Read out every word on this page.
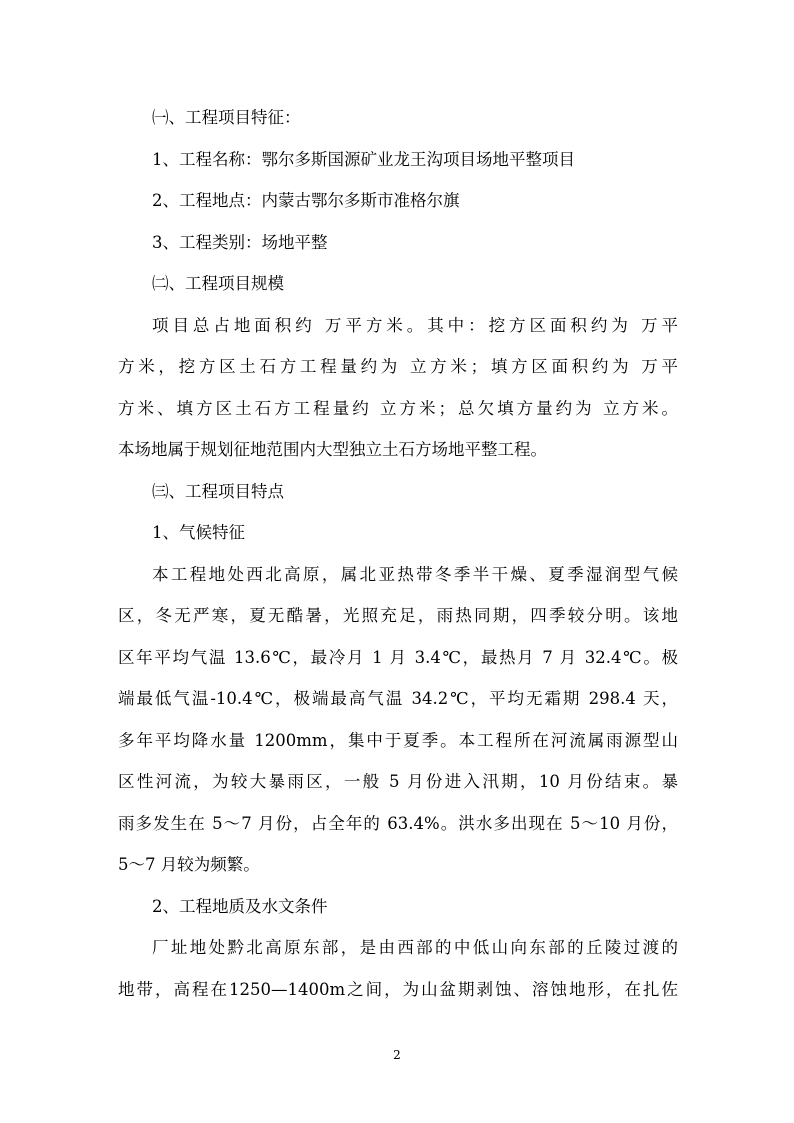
㈠、工程项目特征：
1、工程名称：鄂尔多斯国源矿业龙王沟项目场地平整项目
2、工程地点：内蒙古鄂尔多斯市准格尔旗
3、工程类别：场地平整
㈡、工程项目规模
项目总占地面积约 万平方米。其中：挖方区面积约为 万平
方米，挖方区土石方工程量约为 立方米；填方区面积约为 万平
方米、填方区土石方工程量约 立方米；总欠填方量约为 立方米。
本场地属于规划征地范围内大型独立土石方场地平整工程。
㈢、工程项目特点
1、气候特征
本工程地处西北高原，属北亚热带冬季半干燥、夏季湿润型气候
区，冬无严寒，夏无酷暑，光照充足，雨热同期，四季较分明。该地
区年平均气温 13.6℃，最冷月 1 月 3.4℃，最热月 7 月 32.4℃。极
端最低气温-10.4℃，极端最高气温 34.2℃，平均无霜期 298.4 天，
多年平均降水量 1200mm，集中于夏季。本工程所在河流属雨源型山
区性河流，为较大暴雨区，一般 5 月份进入汛期，10 月份结束。暴
雨多发生在 5～7 月份，占全年的 63.4%。洪水多出现在 5～10 月份，
5～7 月较为频繁。
2、工程地质及水文条件
厂址地处黔北高原东部，是由西部的中低山向东部的丘陵过渡的
地带，高程在1250—1400m之间，为山盆期剥蚀、溶蚀地形，在扎佐
2
